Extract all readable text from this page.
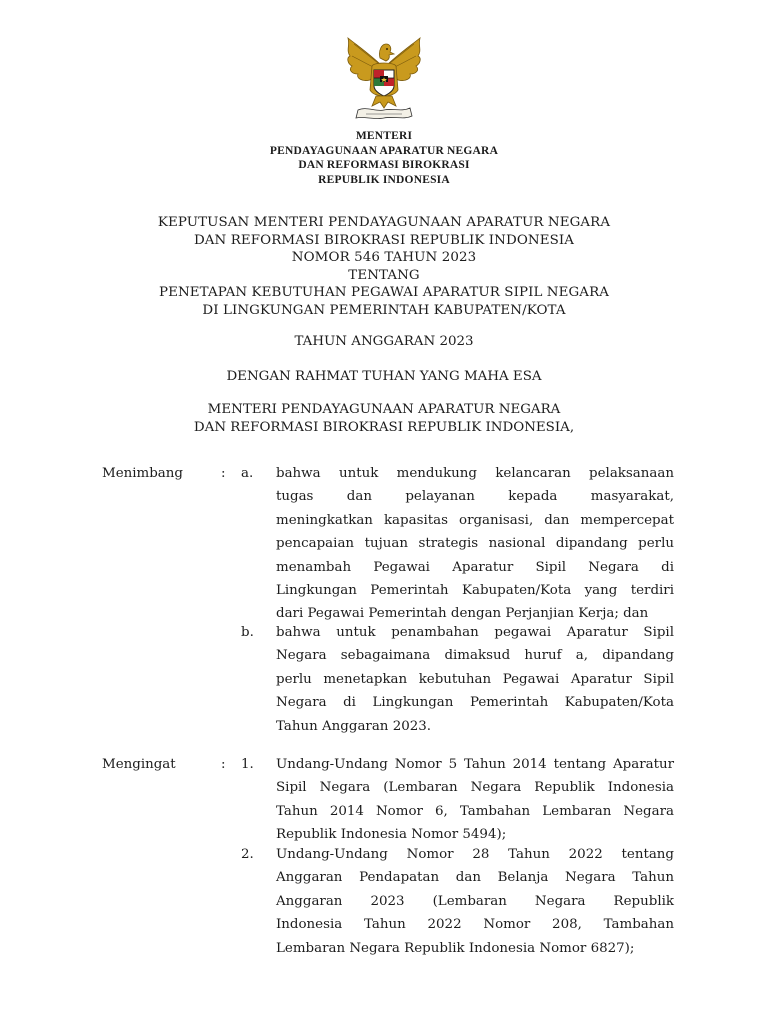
MENTERI
PENDAYAGUNAAN APARATUR NEGARA
DAN REFORMASI BIROKRASI
REPUBLIK INDONESIA
KEPUTUSAN MENTERI PENDAYAGUNAAN APARATUR NEGARA
DAN REFORMASI BIROKRASI REPUBLIK INDONESIA
NOMOR 546 TAHUN 2023
TENTANG
PENETAPAN KEBUTUHAN PEGAWAI APARATUR SIPIL NEGARA
DI LINGKUNGAN PEMERINTAH KABUPATEN/KOTA
TAHUN ANGGARAN 2023
DENGAN RAHMAT TUHAN YANG MAHA ESA
MENTERI PENDAYAGUNAAN APARATUR NEGARA
DAN REFORMASI BIROKRASI REPUBLIK INDONESIA,
Menimbang	: a. bahwa untuk mendukung kelancaran pelaksanaan
tugas dan pelayanan kepada masyarakat,
meningkatkan kapasitas organisasi, dan mempercepat
pencapaian tujuan strategis nasional dipandang perlu
menambah Pegawai Aparatur Sipil Negara di
Lingkungan Pemerintah Kabupaten/Kota yang terdiri
dari Pegawai Pemerintah dengan Perjanjian Kerja; dan
b. bahwa untuk penambahan pegawai Aparatur Sipil
Negara sebagaimana dimaksud huruf a, dipandang
perlu menetapkan kebutuhan Pegawai Aparatur Sipil
Negara di Lingkungan Pemerintah Kabupaten/Kota
Tahun Anggaran 2023.
Mengingat	: 1. Undang-Undang Nomor 5 Tahun 2014 tentang Aparatur
Sipil Negara (Lembaran Negara Republik Indonesia
Tahun 2014 Nomor 6, Tambahan Lembaran Negara
Republik Indonesia Nomor 5494);
2. Undang-Undang Nomor 28 Tahun 2022 tentang
Anggaran Pendapatan dan Belanja Negara Tahun
Anggaran 2023 (Lembaran Negara Republik
Indonesia Tahun 2022 Nomor 208, Tambahan
Lembaran Negara Republik Indonesia Nomor 6827);
